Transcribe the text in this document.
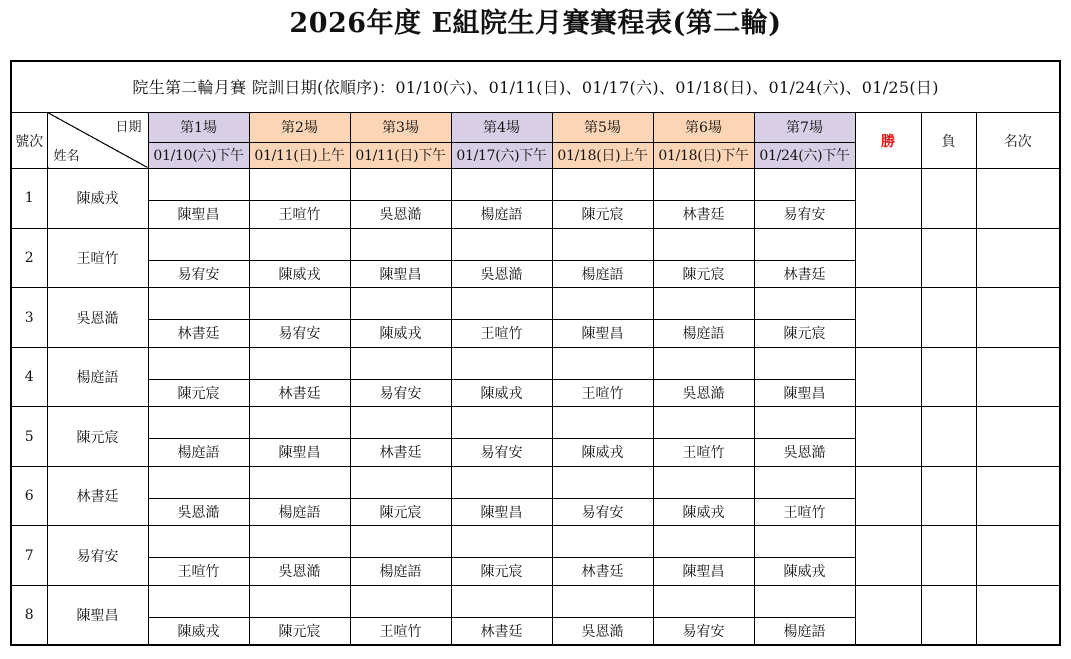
2026年度 E組院生月賽賽程表(第二輪)
院生第二輪月賽 院訓日期(依順序)：01/10(六)、01/11(日)、01/17(六)、01/18(日)、01/24(六)、01/25(日)											
號次	日期
姓名	第1場	第2場	第3場	第4場	第5場	第6場	第7場	勝	負	名次
		01/10(六)下午	01/11(日)上午	01/11(日)下午	01/17(六)下午	01/18(日)上午	01/18(日)下午	01/24(六)下午			
1	陳威戎										
		陳聖昌	王喧竹	吳恩澔	楊庭語	陳元宸	林書廷	易宥安			
2	王喧竹										
		易宥安	陳威戎	陳聖昌	吳恩澔	楊庭語	陳元宸	林書廷			
3	吳恩澔										
		林書廷	易宥安	陳威戎	王喧竹	陳聖昌	楊庭語	陳元宸			
4	楊庭語										
		陳元宸	林書廷	易宥安	陳威戎	王喧竹	吳恩澔	陳聖昌			
5	陳元宸										
		楊庭語	陳聖昌	林書廷	易宥安	陳威戎	王喧竹	吳恩澔			
6	林書廷										
		吳恩澔	楊庭語	陳元宸	陳聖昌	易宥安	陳威戎	王喧竹			
7	易宥安										
		王喧竹	吳恩澔	楊庭語	陳元宸	林書廷	陳聖昌	陳威戎			
8	陳聖昌										
		陳威戎	陳元宸	王喧竹	林書廷	吳恩澔	易宥安	楊庭語			
